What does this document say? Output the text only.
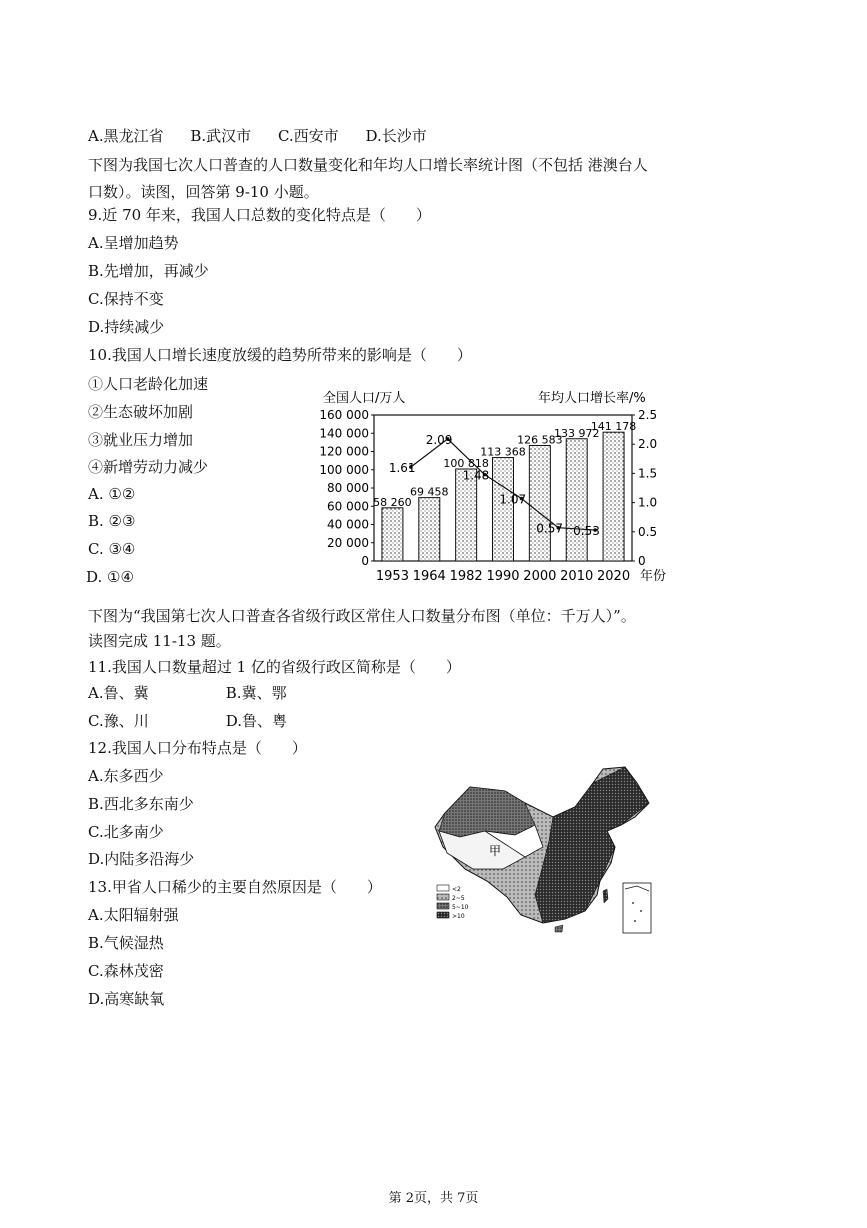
A.黑龙江省 B.武汉市 C.西安市 D.长沙市
下图为我国七次人口普查的人口数量变化和年均人口增长率统计图（不包括 港澳台人
口数）。读图，回答第 9-10 小题。
9.近 70 年来，我国人口总数的变化特点是（　　）
A.呈增加趋势
B.先增加，再减少
C.保持不变
D.持续减少
10.我国人口增长速度放缓的趋势所带来的影响是（　　）
①人口老龄化加速
②生态破坏加剧
③就业压力增加
④新增劳动力减少
A. ①②
B. ②③
C. ③④
D. ①④
全国人口/万人	年均人口增长率/%
0
20 000
40 000
60 000
80 000
100 000
120 000
140 000
160 000
0
0.5
1.0
1.5
2.0
2.5
58 260
69 458
100 818
113 368
126 583
133 972
141 178
1.61
2.09
1.48
1.07
0.57 0.53
1953 1964 1982 1990 2000 2010 2020 年份
下图为“我国第七次人口普查各省级行政区常住人口数量分布图（单位：千万人）”。
读图完成 11-13 题。
11.我国人口数量超过 1 亿的省级行政区简称是（　　）
A.鲁、冀	B.冀、鄂
C.豫、川	D.鲁、粤
12.我国人口分布特点是（　　）
A.东多西少
B.西北多东南少
C.北多南少
D.内陆多沿海少
13.甲省人口稀少的主要自然原因是（　　）
A.太阳辐射强
B.气候湿热
C.森林茂密
D.高寒缺氧
甲
<2
2~5
5~10
>10
第 2页，共 7页
